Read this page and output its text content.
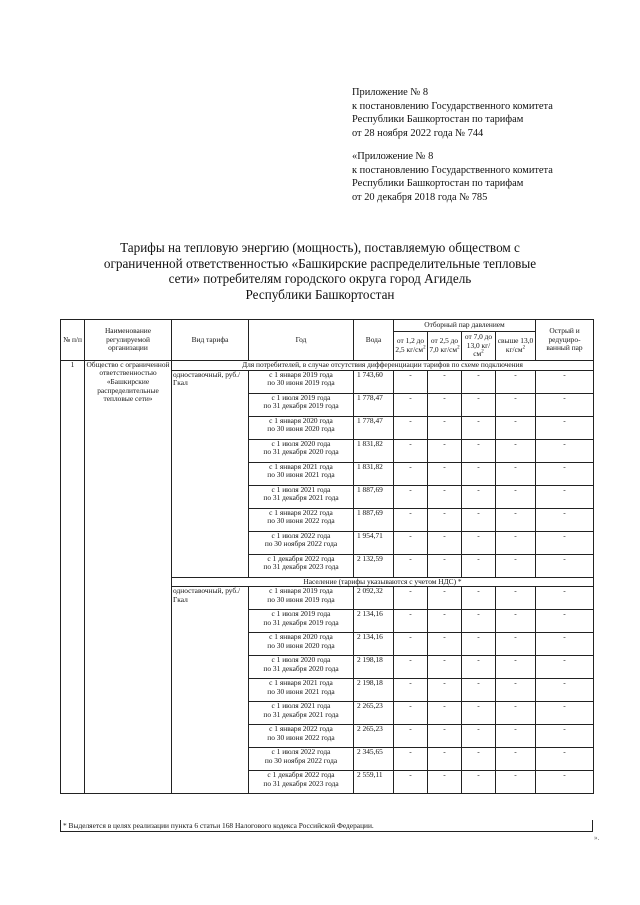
Приложение № 8
к постановлению Государственного комитета
Республики Башкортостан по тарифам
от 28 ноября 2022 года № 744
«Приложение № 8
к постановлению Государственного комитета
Республики Башкортостан по тарифам
от 20 декабря 2018 года № 785
Тарифы на тепловую энергию (мощность), поставляемую обществом с
ограниченной ответственностью «Башкирские распределительные тепловые
сети» потребителям городского округа город Агидель
Республики Башкортостан
№ п/п	Наименование регулируемой организации	Вид тарифа	Год	Вода	Отборный пар давлением				Острый и редуциро-ванный пар
					от 1,2 до 2,5 $кг/см^2$	от 2,5 до 7,0 $кг/см^2$	от 7,0 до 13,0 $кг/см^2$	свыше 13,0 $кг/см^2$
1	Общество с ограниченной ответственностью «Башкирские распределительные тепловые сети»	Для потребителей, в случае отсутствия дифференциации тарифов по схеме подключения							
		одноставочный, руб./Гкал	с 1 января 2019 года
по 30 июня 2019 года	1 743,60	-	-	-	-	-

			с 1 июля 2019 года
по 31 декабря 2019 года	1 778,47	-	-	-	-	-

			с 1 января 2020 года
по 30 июня 2020 года	1 778,47	-	-	-	-	-

			с 1 июля 2020 года
по 31 декабря 2020 года	1 831,82	-	-	-	-	-

			с 1 января 2021 года
по 30 июня 2021 года	1 831,82	-	-	-	-	-

			с 1 июля 2021 года
по 31 декабря 2021 года	1 887,69	-	-	-	-	-

			с 1 января 2022 года
по 30 июня 2022 года	1 887,69	-	-	-	-	-

			с 1 июля 2022 года
по 30 ноября 2022 года	1 954,71	-	-	-	-	-

			с 1 декабря 2022 года
по 31 декабря 2023 года	2 132,59	-	-	-	-	-
		Население (тарифы указываются с учетом НДС) *							
		одноставочный, руб./Гкал	с 1 января 2019 года
по 30 июня 2019 года	2 092,32	-	-	-	-	-

			с 1 июля 2019 года
по 31 декабря 2019 года	2 134,16	-	-	-	-	-

			с 1 января 2020 года
по 30 июня 2020 года	2 134,16	-	-	-	-	-

			с 1 июля 2020 года
по 31 декабря 2020 года	2 198,18	-	-	-	-	-

			с 1 января 2021 года
по 30 июня 2021 года	2 198,18	-	-	-	-	-

			с 1 июля 2021 года
по 31 декабря 2021 года	2 265,23	-	-	-	-	-

			с 1 января 2022 года
по 30 июня 2022 года	2 265,23	-	-	-	-	-

			с 1 июля 2022 года
по 30 ноября 2022 года	2 345,65	-	-	-	-	-

			с 1 декабря 2022 года
по 31 декабря 2023 года	2 559,11	-	-	-	-	-
* Выделяется в целях реализации пункта 6 статьи 168 Налогового кодекса Российской Федерации.
».
